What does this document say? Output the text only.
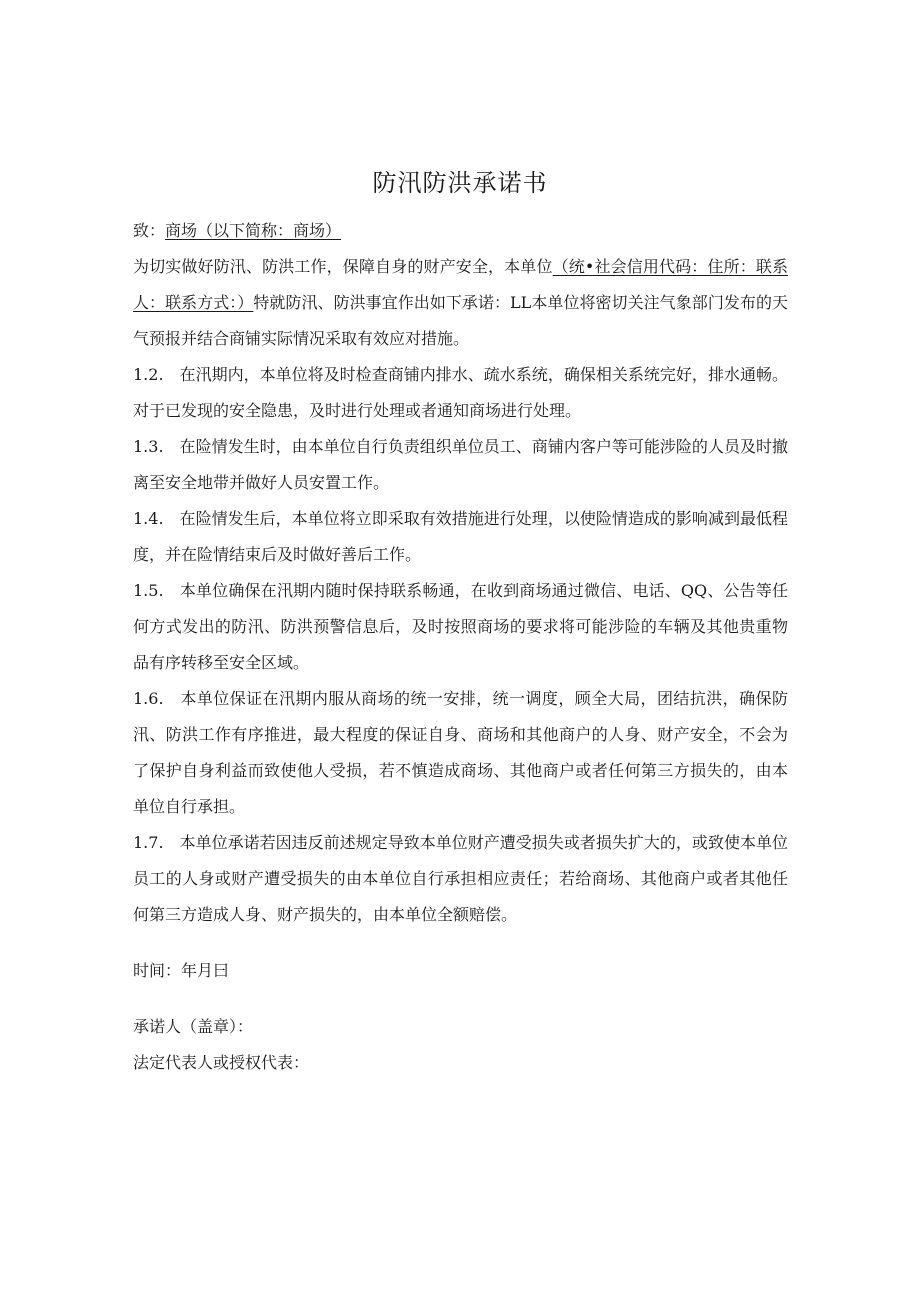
防汛防洪承诺书

致：商场（以下简称：商场）

为切实做好防汛、防洪工作，保障自身的财产安全，本单位（统•社会信用代码：住所：联系人：联系方式：）特就防汛、防洪事宜作出如下承诺：LL本单位将密切关注气象部门发布的天气预报并结合商铺实际情况采取有效应对措施。

1.2.　在汛期内，本单位将及时检查商铺内排水、疏水系统，确保相关系统完好，排水通畅。对于已发现的安全隐患，及时进行处理或者通知商场进行处理。

1.3.　在险情发生时，由本单位自行负责组织单位员工、商铺内客户等可能涉险的人员及时撤离至安全地带并做好人员安置工作。

1.4.　在险情发生后，本单位将立即采取有效措施进行处理，以使险情造成的影响减到最低程度，并在险情结束后及时做好善后工作。

1.5.　本单位确保在汛期内随时保持联系畅通，在收到商场通过微信、电话、QQ、公告等任何方式发出的防汛、防洪预警信息后，及时按照商场的要求将可能涉险的车辆及其他贵重物品有序转移至安全区域。

1.6.　本单位保证在汛期内服从商场的统一安排，统一调度，顾全大局，团结抗洪，确保防汛、防洪工作有序推进，最大程度的保证自身、商场和其他商户的人身、财产安全，不会为了保护自身利益而致使他人受损，若不慎造成商场、其他商户或者任何第三方损失的，由本单位自行承担。

1.7.　本单位承诺若因违反前述规定导致本单位财产遭受损失或者损失扩大的，或致使本单位员工的人身或财产遭受损失的由本单位自行承担相应责任；若给商场、其他商户或者其他任何第三方造成人身、财产损失的，由本单位全额赔偿。

时间：年月曰

承诺人（盖章）：

法定代表人或授权代表：
